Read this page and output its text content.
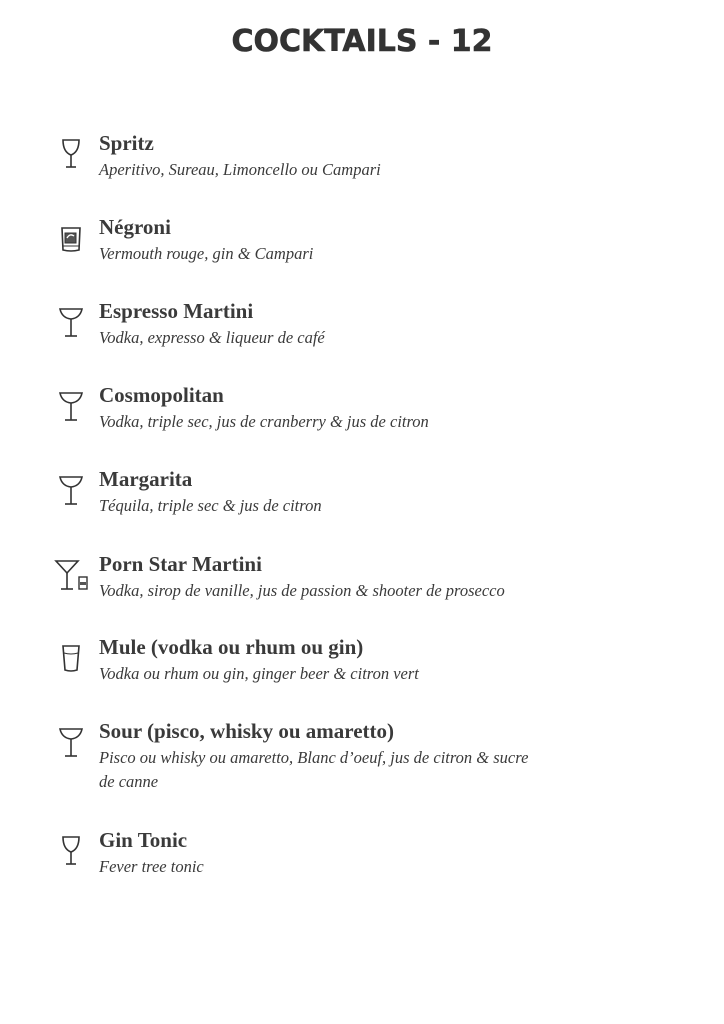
COCKTAILS - 12
Spritz
Aperitivo, Sureau, Limoncello ou Campari
Négroni
Vermouth rouge, gin & Campari
Espresso Martini
Vodka, expresso & liqueur de café
Cosmopolitan
Vodka, triple sec, jus de cranberry & jus de citron
Margarita
Téquila, triple sec & jus de citron
Porn Star Martini
Vodka, sirop de vanille, jus de passion & shooter de prosecco
Mule (vodka ou rhum ou gin)
Vodka ou rhum ou gin, ginger beer & citron vert
Sour (pisco, whisky ou amaretto)
Pisco ou whisky ou amaretto, Blanc d’oeuf, jus de citron & sucre de canne
Gin Tonic
Fever tree tonic
